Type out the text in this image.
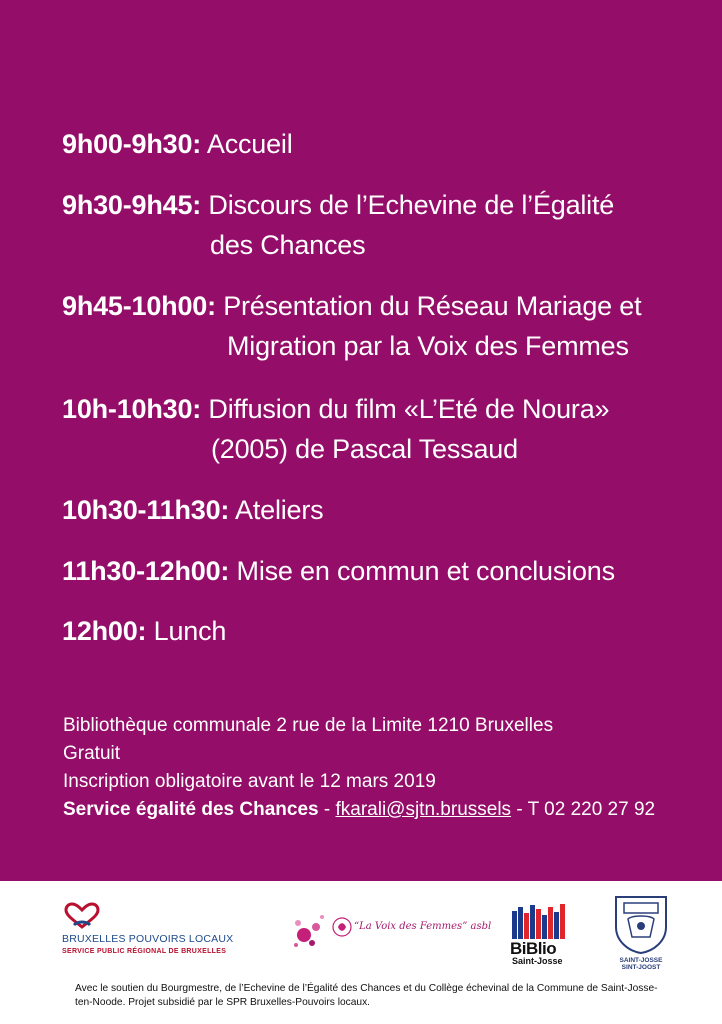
9h00-9h30: Accueil
9h30-9h45: Discours de l’Echevine de l’Égalité
des Chances
9h45-10h00: Présentation du Réseau Mariage et
Migration par la Voix des Femmes
10h-10h30: Diffusion du film «L’Eté de Noura»
(2005) de Pascal Tessaud
10h30-11h30: Ateliers
11h30-12h00: Mise en commun et conclusions
12h00: Lunch
Bibliothèque communale 2 rue de la Limite 1210 Bruxelles
Gratuit
Inscription obligatoire avant le 12 mars 2019
Service égalité des Chances - fkarali@sjtn.brussels - T 02 220 27 92
BRUXELLES POUVOIRS LOCAUX
SERVICE PUBLIC RÉGIONAL DE BRUXELLES
“La Voix des Femmes” asbl
BiBlio
Saint-Josse	SAINT-JOSSE
SINT-JOOST
Avec le soutien du Bourgmestre, de l’Echevine de l’Égalité des Chances et du Collège échevinal de la Commune de Saint-Josse-ten-Noode. Projet subsidié par le SPR Bruxelles-Pouvoirs locaux.
